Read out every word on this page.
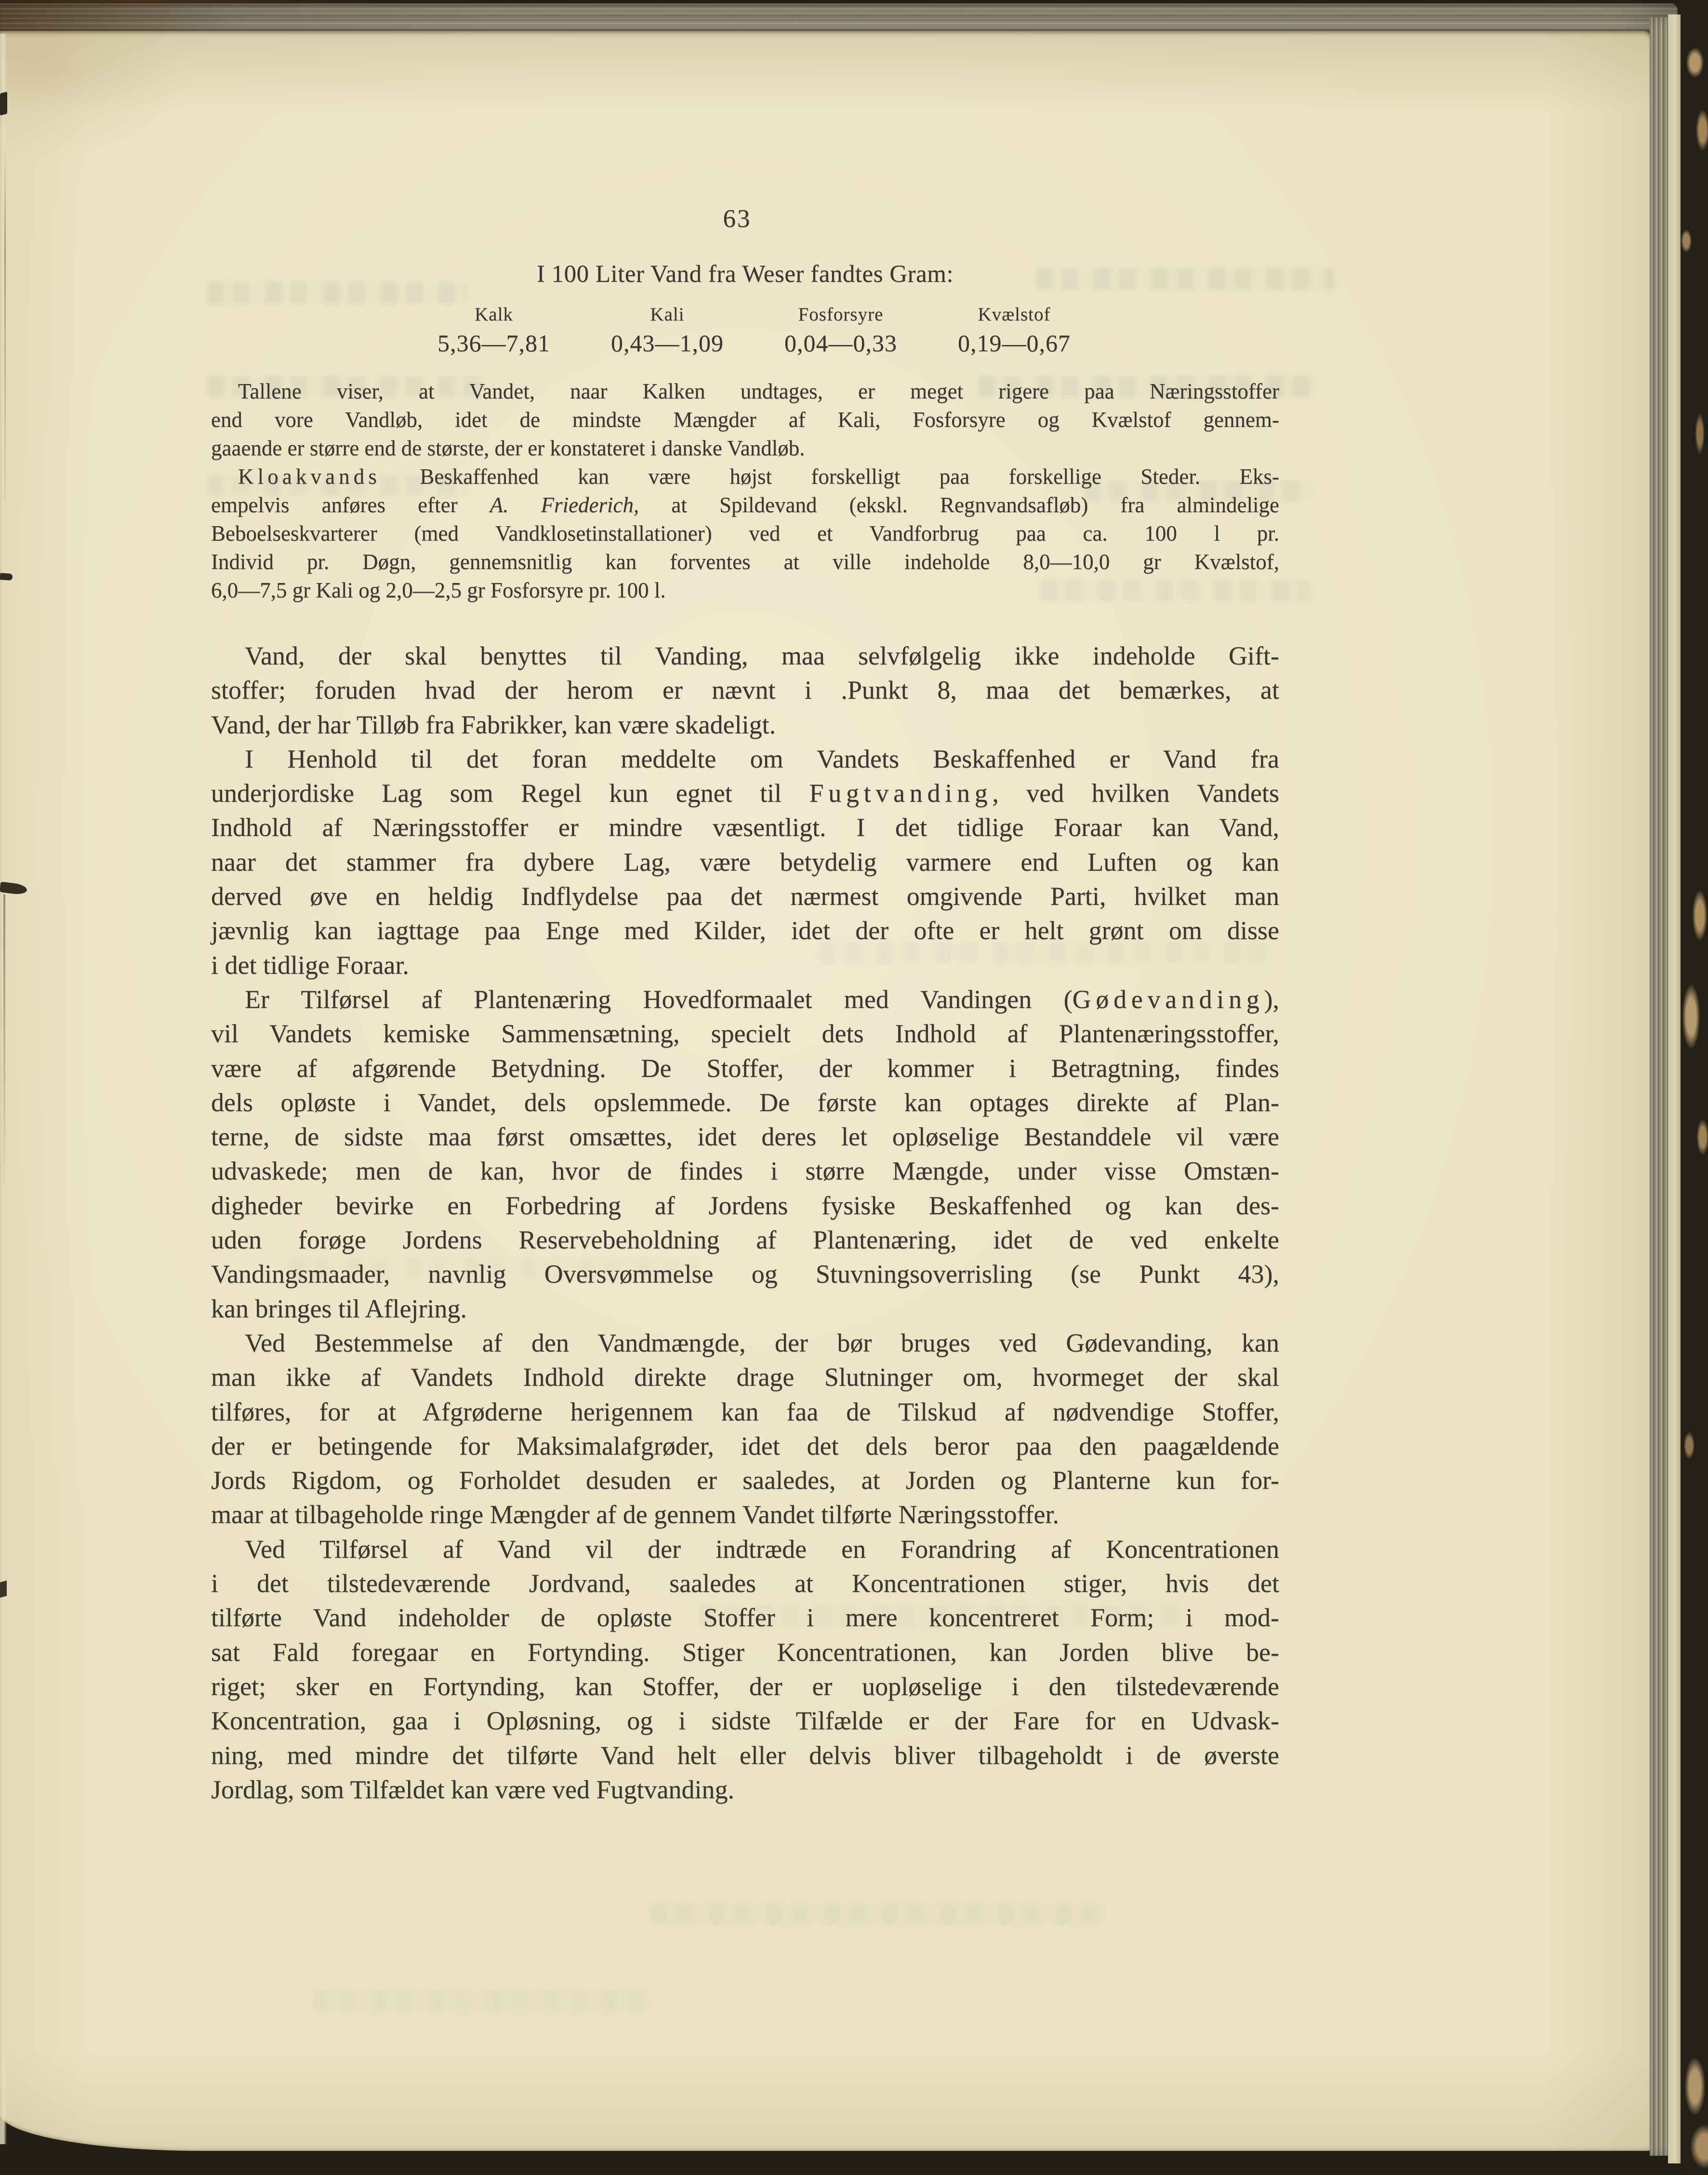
63
I 100 Liter Vand fra Weser fandtes Gram:
Kalk
5,36—7,81
Kali
0,43—1,09
Fosforsyre
0,04—0,33
Kvælstof
0,19—0,67
Tallene viser, at Vandet, naar Kalken undtages, er meget rigere paa Næringsstoffer
end vore Vandløb, idet de mindste Mængder af Kali, Fosforsyre og Kvælstof gennem-
gaaende er større end de største, der er konstateret i danske Vandløb.
Kloakvands Beskaffenhed kan være højst forskelligt paa forskellige Steder. Eks-
empelvis anføres efter A. Friederich, at Spildevand (ekskl. Regnvandsafløb) fra almindelige
Beboelseskvarterer (med Vandklosetinstallationer) ved et Vandforbrug paa ca. 100 l pr.
Individ pr. Døgn, gennemsnitlig kan forventes at ville indeholde 8,0—10,0 gr Kvælstof,
6,0—7,5 gr Kali og 2,0—2,5 gr Fosforsyre pr. 100 l.
Vand, der skal benyttes til Vanding, maa selvfølgelig ikke indeholde Gift-
stoffer; foruden hvad der herom er nævnt i .Punkt 8, maa det bemærkes, at
Vand, der har Tilløb fra Fabrikker, kan være skadeligt.
I Henhold til det foran meddelte om Vandets Beskaffenhed er Vand fra
underjordiske Lag som Regel kun egnet til Fugtvanding, ved hvilken Vandets
Indhold af Næringsstoffer er mindre væsentligt. I det tidlige Foraar kan Vand,
naar det stammer fra dybere Lag, være betydelig varmere end Luften og kan
derved øve en heldig Indflydelse paa det nærmest omgivende Parti, hvilket man
jævnlig kan iagttage paa Enge med Kilder, idet der ofte er helt grønt om disse
i det tidlige Foraar.
Er Tilførsel af Plantenæring Hovedformaalet med Vandingen (Gødevanding),
vil Vandets kemiske Sammensætning, specielt dets Indhold af Plantenæringsstoffer,
være af afgørende Betydning. De Stoffer, der kommer i Betragtning, findes
dels opløste i Vandet, dels opslemmede. De første kan optages direkte af Plan-
terne, de sidste maa først omsættes, idet deres let opløselige Bestanddele vil være
udvaskede; men de kan, hvor de findes i større Mængde, under visse Omstæn-
digheder bevirke en Forbedring af Jordens fysiske Beskaffenhed og kan des-
uden forøge Jordens Reservebeholdning af Plantenæring, idet de ved enkelte
Vandingsmaader, navnlig Oversvømmelse og Stuvningsoverrisling (se Punkt 43),
kan bringes til Aflejring.
Ved Bestemmelse af den Vandmængde, der bør bruges ved Gødevanding, kan
man ikke af Vandets Indhold direkte drage Slutninger om, hvormeget der skal
tilføres, for at Afgrøderne herigennem kan faa de Tilskud af nødvendige Stoffer,
der er betingende for Maksimalafgrøder, idet det dels beror paa den paagældende
Jords Rigdom, og Forholdet desuden er saaledes, at Jorden og Planterne kun for-
maar at tilbageholde ringe Mængder af de gennem Vandet tilførte Næringsstoffer.
Ved Tilførsel af Vand vil der indtræde en Forandring af Koncentrationen
i det tilstedeværende Jordvand, saaledes at Koncentrationen stiger, hvis det
tilførte Vand indeholder de opløste Stoffer i mere koncentreret Form; i mod-
sat Fald foregaar en Fortynding. Stiger Koncentrationen, kan Jorden blive be-
riget; sker en Fortynding, kan Stoffer, der er uopløselige i den tilstedeværende
Koncentration, gaa i Opløsning, og i sidste Tilfælde er der Fare for en Udvask-
ning, med mindre det tilførte Vand helt eller delvis bliver tilbageholdt i de øverste
Jordlag, som Tilfældet kan være ved Fugtvanding.
